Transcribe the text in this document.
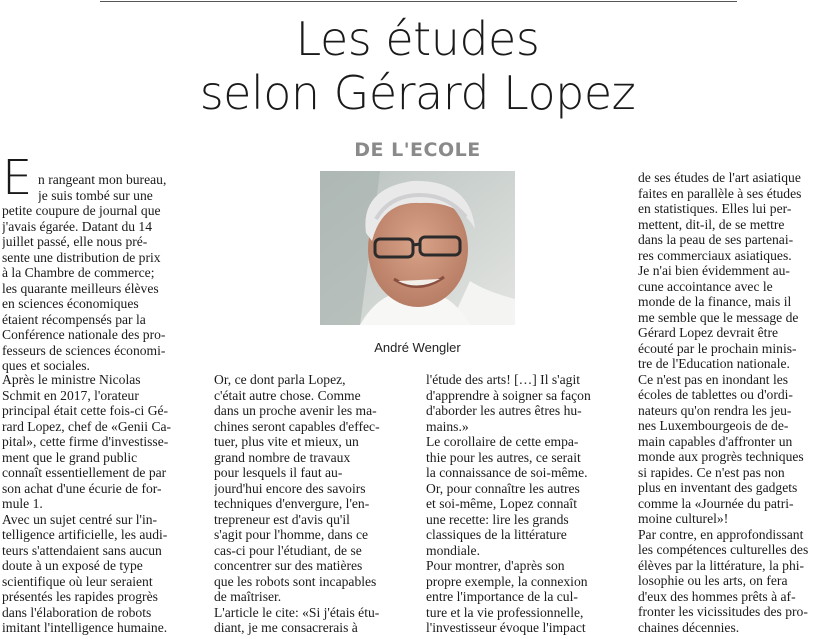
Les études
selon Gérard Lopez
DE L'ECOLE
André Wengler
E n rangeant mon bureau,
je suis tombé sur une
petite coupure de journal que
j'avais égarée. Datant du 14
juillet passé, elle nous pré-
sente une distribution de prix
à la Chambre de commerce;
les quarante meilleurs élèves
en sciences économiques
étaient récompensés par la
Conférence nationale des pro-
fesseurs de sciences économi-
ques et sociales.
Après le ministre Nicolas
Schmit en 2017, l'orateur
principal était cette fois-ci Gé-
rard Lopez, chef de «Genii Ca-
pital», cette firme d'investisse-
ment que le grand public
connaît essentiellement de par
son achat d'une écurie de for-
mule 1.
Avec un sujet centré sur l'in-
telligence artificielle, les audi-
teurs s'attendaient sans aucun
doute à un exposé de type
scientifique où leur seraient
présentés les rapides progrès
dans l'élaboration de robots
imitant l'intelligence humaine.
Or, ce dont parla Lopez,
c'était autre chose. Comme
dans un proche avenir les ma-
chines seront capables d'effec-
tuer, plus vite et mieux, un
grand nombre de travaux
pour lesquels il faut au-
jourd'hui encore des savoirs
techniques d'envergure, l'en-
trepreneur est d'avis qu'il
s'agit pour l'homme, dans ce
cas-ci pour l'étudiant, de se
concentrer sur des matières
que les robots sont incapables
de maîtriser.
L'article le cite: «Si j'étais étu-
diant, je me consacrerais à
l'étude des arts! […] Il s'agit
d'apprendre à soigner sa façon
d'aborder les autres êtres hu-
mains.»
Le corollaire de cette empa-
thie pour les autres, ce serait
la connaissance de soi-même.
Or, pour connaître les autres
et soi-même, Lopez connaît
une recette: lire les grands
classiques de la littérature
mondiale.
Pour montrer, d'après son
propre exemple, la connexion
entre l'importance de la cul-
ture et la vie professionnelle,
l'investisseur évoque l'impact
de ses études de l'art asiatique
faites en parallèle à ses études
en statistiques. Elles lui per-
mettent, dit-il, de se mettre
dans la peau de ses partenai-
res commerciaux asiatiques.
Je n'ai bien évidemment au-
cune accointance avec le
monde de la finance, mais il
me semble que le message de
Gérard Lopez devrait être
écouté par le prochain minis-
tre de l'Education nationale.
Ce n'est pas en inondant les
écoles de tablettes ou d'ordi-
nateurs qu'on rendra les jeu-
nes Luxembourgeois de de-
main capables d'affronter un
monde aux progrès techniques
si rapides. Ce n'est pas non
plus en inventant des gadgets
comme la «Journée du patri-
moine culturel»!
Par contre, en approfondissant
les compétences culturelles des
élèves par la littérature, la phi-
losophie ou les arts, on fera
d'eux des hommes prêts à af-
fronter les vicissitudes des pro-
chaines décennies.
